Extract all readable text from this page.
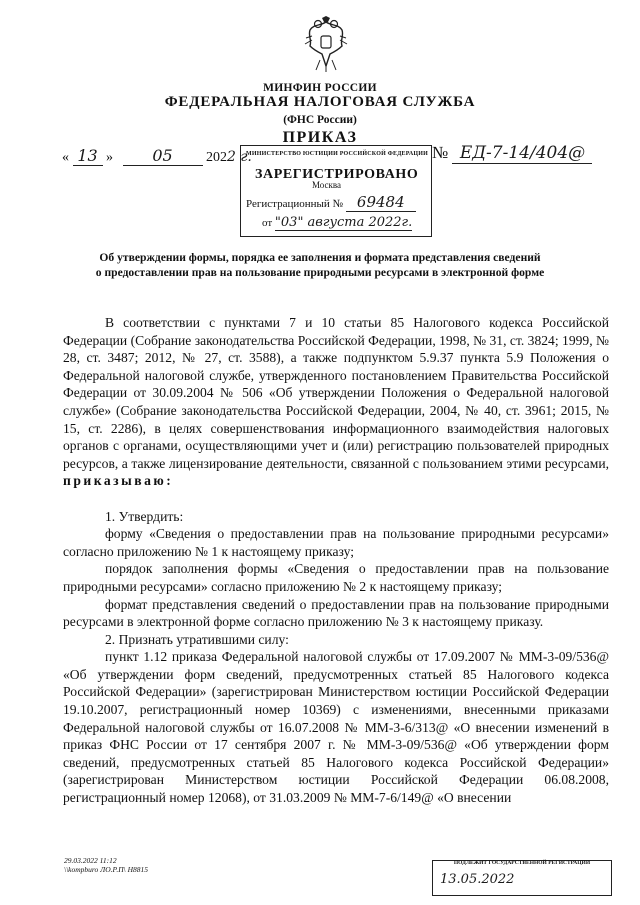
МИНФИН РОССИИ
ФЕДЕРАЛЬНАЯ НАЛОГОВАЯ СЛУЖБА
(ФНС России)
ПРИКАЗ
МИНИСТЕРСТВО ЮСТИЦИИ РОССИЙСКОЙ ФЕДЕРАЦИИ
ЗАРЕГИСТРИРОВАНО
Москва
Регистрационный № 69484
от "03" августа 2022г.
« 13 » 05 2022 г.	№ ЕД-7-14/404@
Об утверждении формы, порядка ее заполнения и формата представления сведений
о предоставлении прав на пользование природными ресурсами в электронной форме

В соответствии с пунктами 7 и 10 статьи 85 Налогового кодекса Российской Федерации (Собрание законодательства Российской Федерации, 1998, № 31, ст. 3824; 1999, № 28, ст. 3487; 2012, № 27, ст. 3588), а также подпунктом 5.9.37 пункта 5.9 Положения о Федеральной налоговой службе, утвержденного постановлением Правительства Российской Федерации от 30.09.2004 № 506 «Об утверждении Положения о Федеральной налоговой службе» (Собрание законодательства Российской Федерации, 2004, № 40, ст. 3961; 2015, № 15, ст. 2286), в целях совершенствования информационного взаимодействия налоговых органов с органами, осуществляющими учет и (или) регистрацию пользователей природных ресурсов, а также лицензирование деятельности, связанной с пользованием этими ресурсами, приказываю:

1. Утвердить:

форму «Сведения о предоставлении прав на пользование природными ресурсами» согласно приложению № 1 к настоящему приказу;

порядок заполнения формы «Сведения о предоставлении прав на пользование природными ресурсами» согласно приложению № 2 к настоящему приказу;

формат представления сведений о предоставлении прав на пользование природными ресурсами в электронной форме согласно приложению № 3 к настоящему приказу.

2. Признать утратившими силу:

пункт 1.12 приказа Федеральной налоговой службы от 17.09.2007 № ММ-3-09/536@ «Об утверждении форм сведений, предусмотренных статьей 85 Налогового кодекса Российской Федерации» (зарегистрирован Министерством юстиции Российской Федерации 19.10.2007, регистрационный номер 10369) с изменениями, внесенными приказами Федеральной налоговой службы от 16.07.2008 № ММ-3-6/313@ «О внесении изменений в приказ ФНС России от 17 сентября 2007 г. № ММ-3-09/536@ «Об утверждении форм сведений, предусмотренных статьей 85 Налогового кодекса Российской Федерации» (зарегистрирован Министерством юстиции Российской Федерации 06.08.2008, регистрационный номер 12068), от 31.03.2009 № ММ-7-6/149@ «О внесении

29.03.2022 11:12
\\kompburo ЛО.Р.П\ Н8815
ПОДЛЕЖИТ ГОСУДАРСТВЕННОЙ РЕГИСТРАЦИИ
13.05.2022
